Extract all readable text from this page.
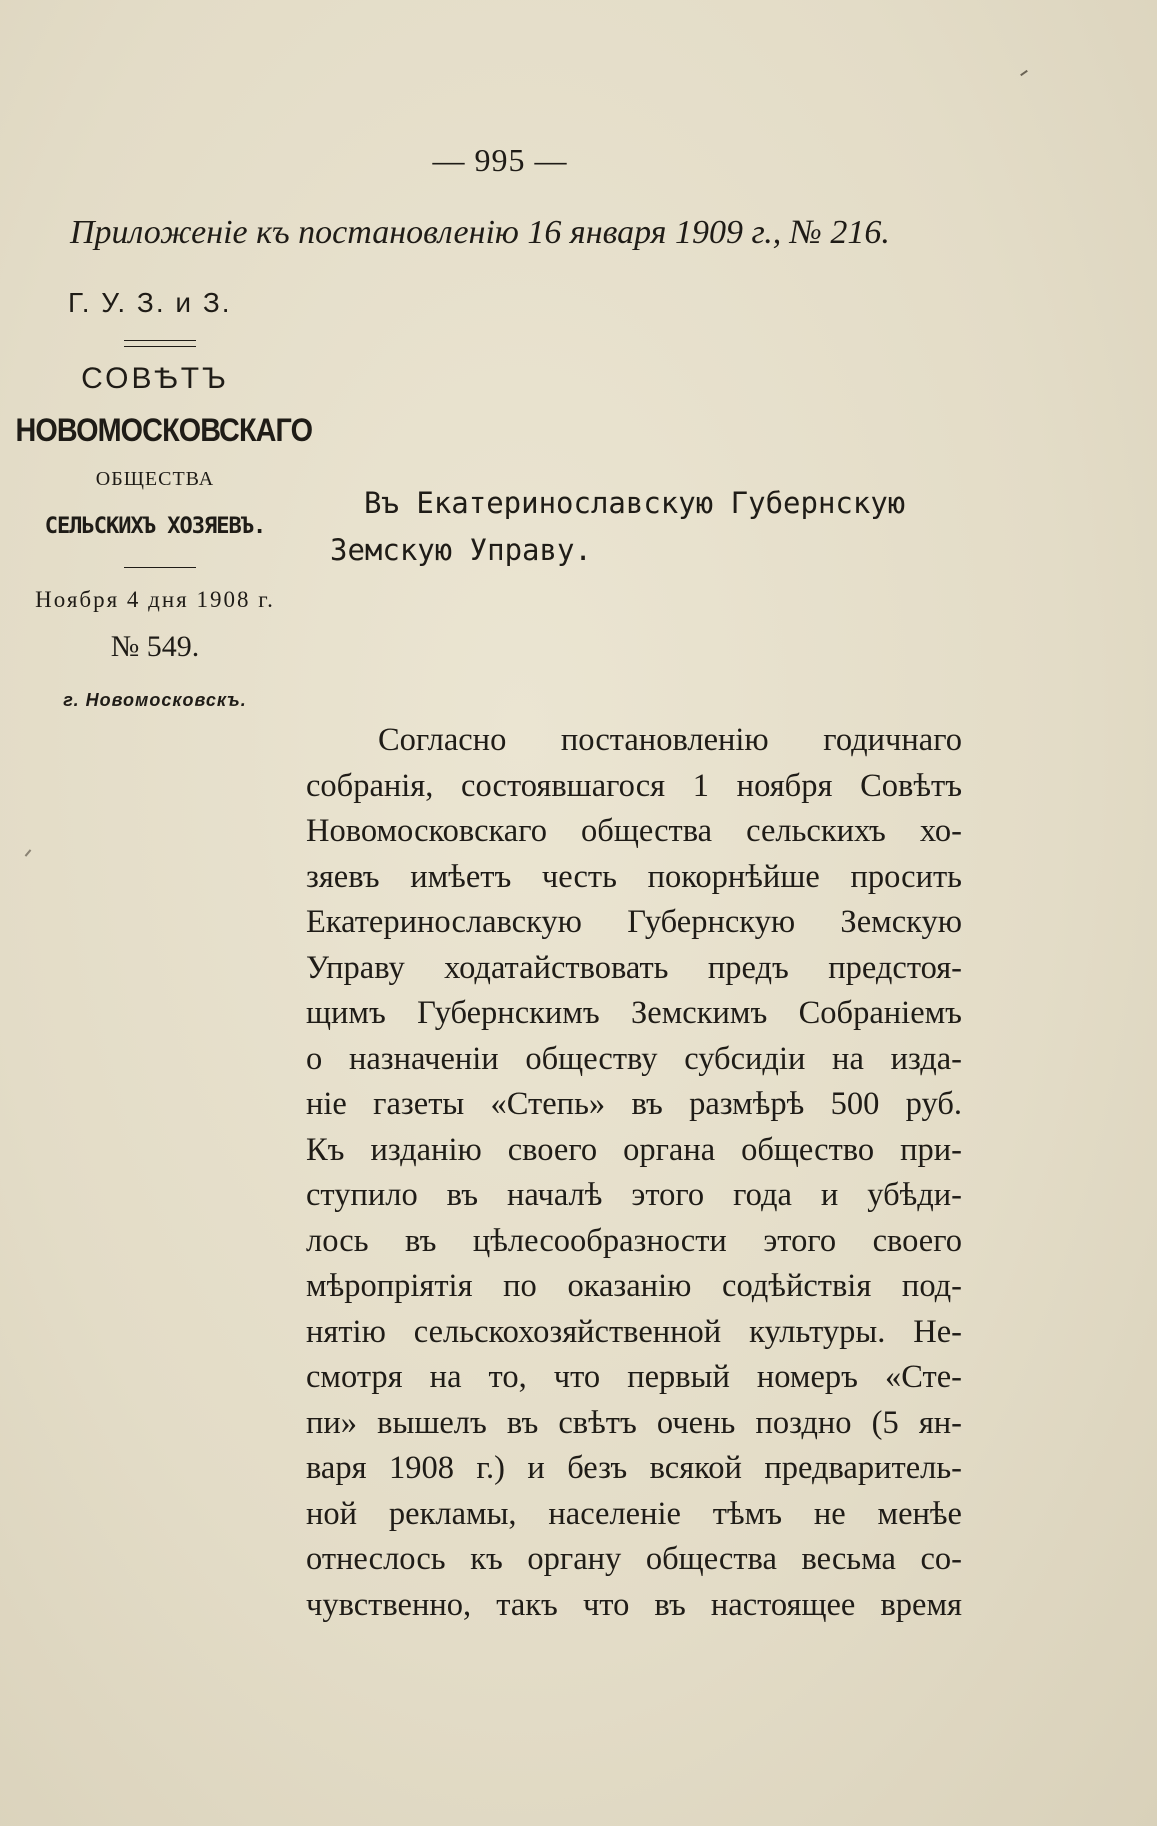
— 995 —
Приложеніе къ постановленію 16 января 1909 г., № 216.
Г. У. З. и З.
СОВѢТЪ
НОВОМОСКОВСКАГО
ОБЩЕСТВА
СЕЛЬСКИХЪ ХОЗЯЕВЪ.
Ноября 4 дня 1908 г.
№ 549.
г. Новомосковскъ.
Въ Екатеринославскую Губернскую
Земскую Управу.
Согласно постановленію годичнаго
собранія, состоявшагося 1 ноября Совѣтъ
Новомосковскаго общества сельскихъ хо-
зяевъ имѣетъ честь покорнѣйше просить
Екатеринославскую Губернскую Земскую
Управу ходатайствовать предъ предстоя-
щимъ Губернскимъ Земскимъ Собраніемъ
о назначеніи обществу субсидіи на изда-
ніе газеты «Степь» въ размѣрѣ 500 руб.
Къ изданію своего органа общество при-
ступило въ началѣ этого года и убѣди-
лось въ цѣлесообразности этого своего
мѣропріятія по оказанію содѣйствія под-
нятію сельскохозяйственной культуры. Не-
смотря на то, что первый номеръ «Сте-
пи» вышелъ въ свѣтъ очень поздно (5 ян-
варя 1908 г.) и безъ всякой предваритель-
ной рекламы, населеніе тѣмъ не менѣе
отнеслось къ органу общества весьма со-
чувственно, такъ что въ настоящее время
